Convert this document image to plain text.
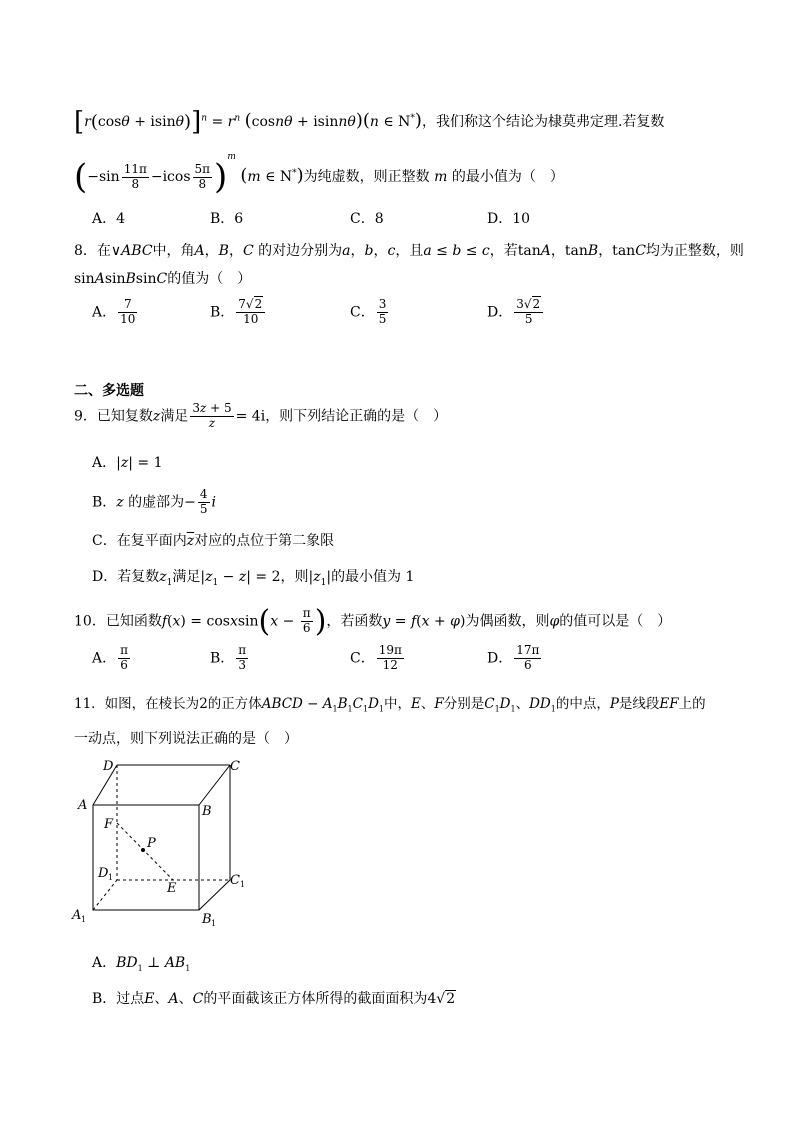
$[r(\cos\theta + isin\theta)]^n = r^n$ (cosnθ + isinnθ)(n ∈ N*)，我们称这个结论为棣莫弗定理.若复数
$(-\sin \frac{11\pi}{8} -icos \frac{5\pi}{8} )^m$ (m ∈ N*)为纯虚数，则正整数 m 的最小值为（　）
A．4	B．6	C．8	D．10
8．在∨ABC中，角A，B，C 的对边分别为a，b，c，且a ≤ b ≤ c，若tanA，tanB，tanC均为正整数，则
sinAsinBsinC的值为（　）
A． $\frac{7}{10}$	B． $\frac{7√2}{10}$	C． $\frac{3}{5}$	D． $\frac{3√2}{5}$
二、多选题
9．已知复数z满足 $\frac{3z + 5}{z} = 4i$，则下列结论正确的是（　）
A．|z| = 1
B．z 的虚部为− $\frac{4}{5}$ i
C．在复平面内$\overline{z}$对应的点位于第二象限
D．若复数$z_1$满足$|z_1 - z| = 2$，则$|z_1|$的最小值为 1
10．已知函数f(x) = cosxsin(x − $\frac{\pi}{6}$ )，若函数y = f(x + φ)为偶函数，则φ的值可以是（　）
A． $\frac{\pi}{6}$	B． $\frac{\pi}{3}$	C． $\frac{19\pi}{12}$	D． $\frac{17\pi}{6}$
11．如图，在棱长为2的正方体ABCD − $A_1B_1C_1D_1$中，E、F分别是$C_1D_1$、$DD_1$的中点，P是线段EF上的
一动点，则下列说法正确的是（　）
D	C
A	B
F
P
D	C
E
A	B
1
1
1	1
A．$BD_1$ ⊥ $AB_1$
B．过点E、A、C的平面截该正方体所得的截面面积为4√2
